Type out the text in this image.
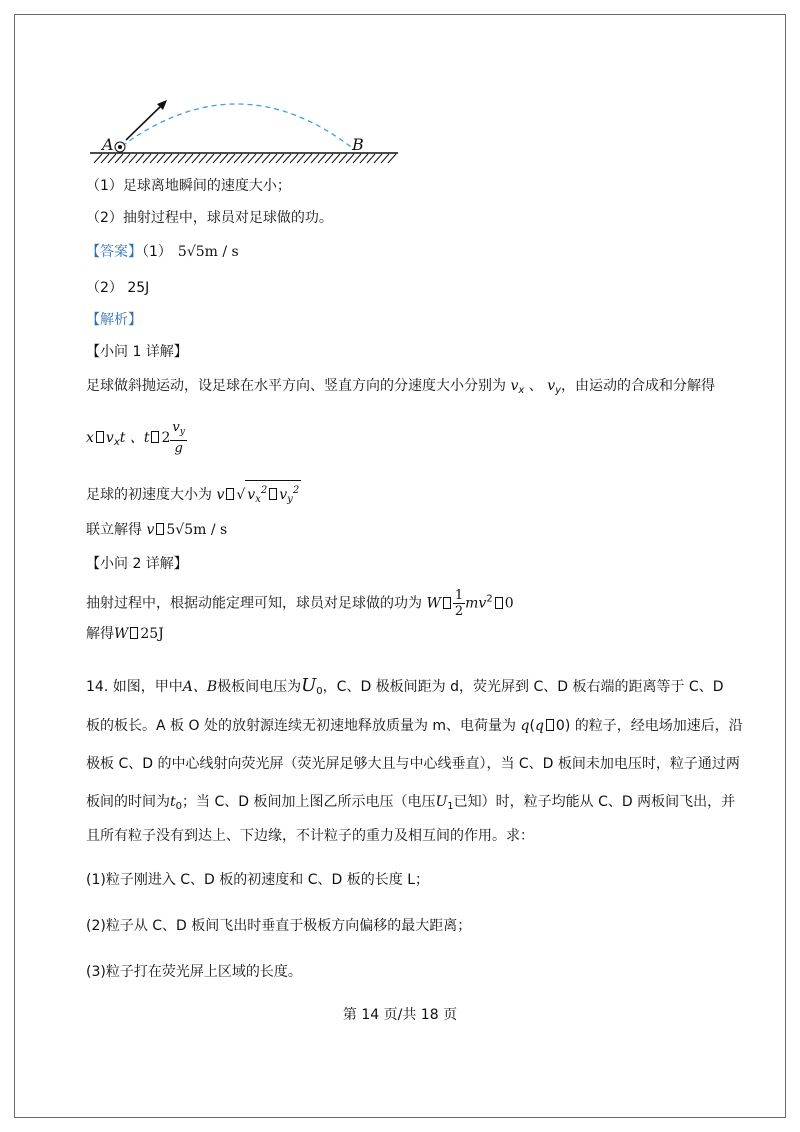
A	B
（1）足球离地瞬间的速度大小；
（2）抽射过程中，球员对足球做的功。
【答案】（1） 5√5m / s
（2） 25J
【解析】
【小问 1 详解】
足球做斜抛运动，设足球在水平方向、竖直方向的分速度大小分别为 $v_x$ 、 $v_y$，由运动的合成和分解得
x $v_xt$ 、t $2 \frac{v_y}{g}$
足球的初速度大小为 v √ $v_x^2$ $v_y^2$
联立解得 v 5√5m / s
【小问 2 详解】
抽射过程中，根据动能定理可知，球员对足球做的功为 W $\frac{1}{2} mv^2$ 0
解得W 25J
14. 如图，甲中A、B极板间电压为$U_0$，C、D 极板间距为 d，荧光屏到 C、D 板右端的距离等于 C、D
板的板长。A 板 O 处的放射源连续无初速地释放质量为 m、电荷量为 q(q 0) 的粒子，经电场加速后，沿
极板 C、D 的中心线射向荧光屏（荧光屏足够大且与中心线垂直），当 C、D 板间未加电压时，粒子通过两
板间的时间为$t_0$；当 C、D 板间加上图乙所示电压（电压$U_1$已知）时，粒子均能从 C、D 两板间飞出，并
且所有粒子没有到达上、下边缘，不计粒子的重力及相互间的作用。求：
(1)粒子刚进入 C、D 板的初速度和 C、D 板的长度 L；
(2)粒子从 C、D 板间飞出时垂直于极板方向偏移的最大距离；
(3)粒子打在荧光屏上区域的长度。
第 14 页/共 18 页
